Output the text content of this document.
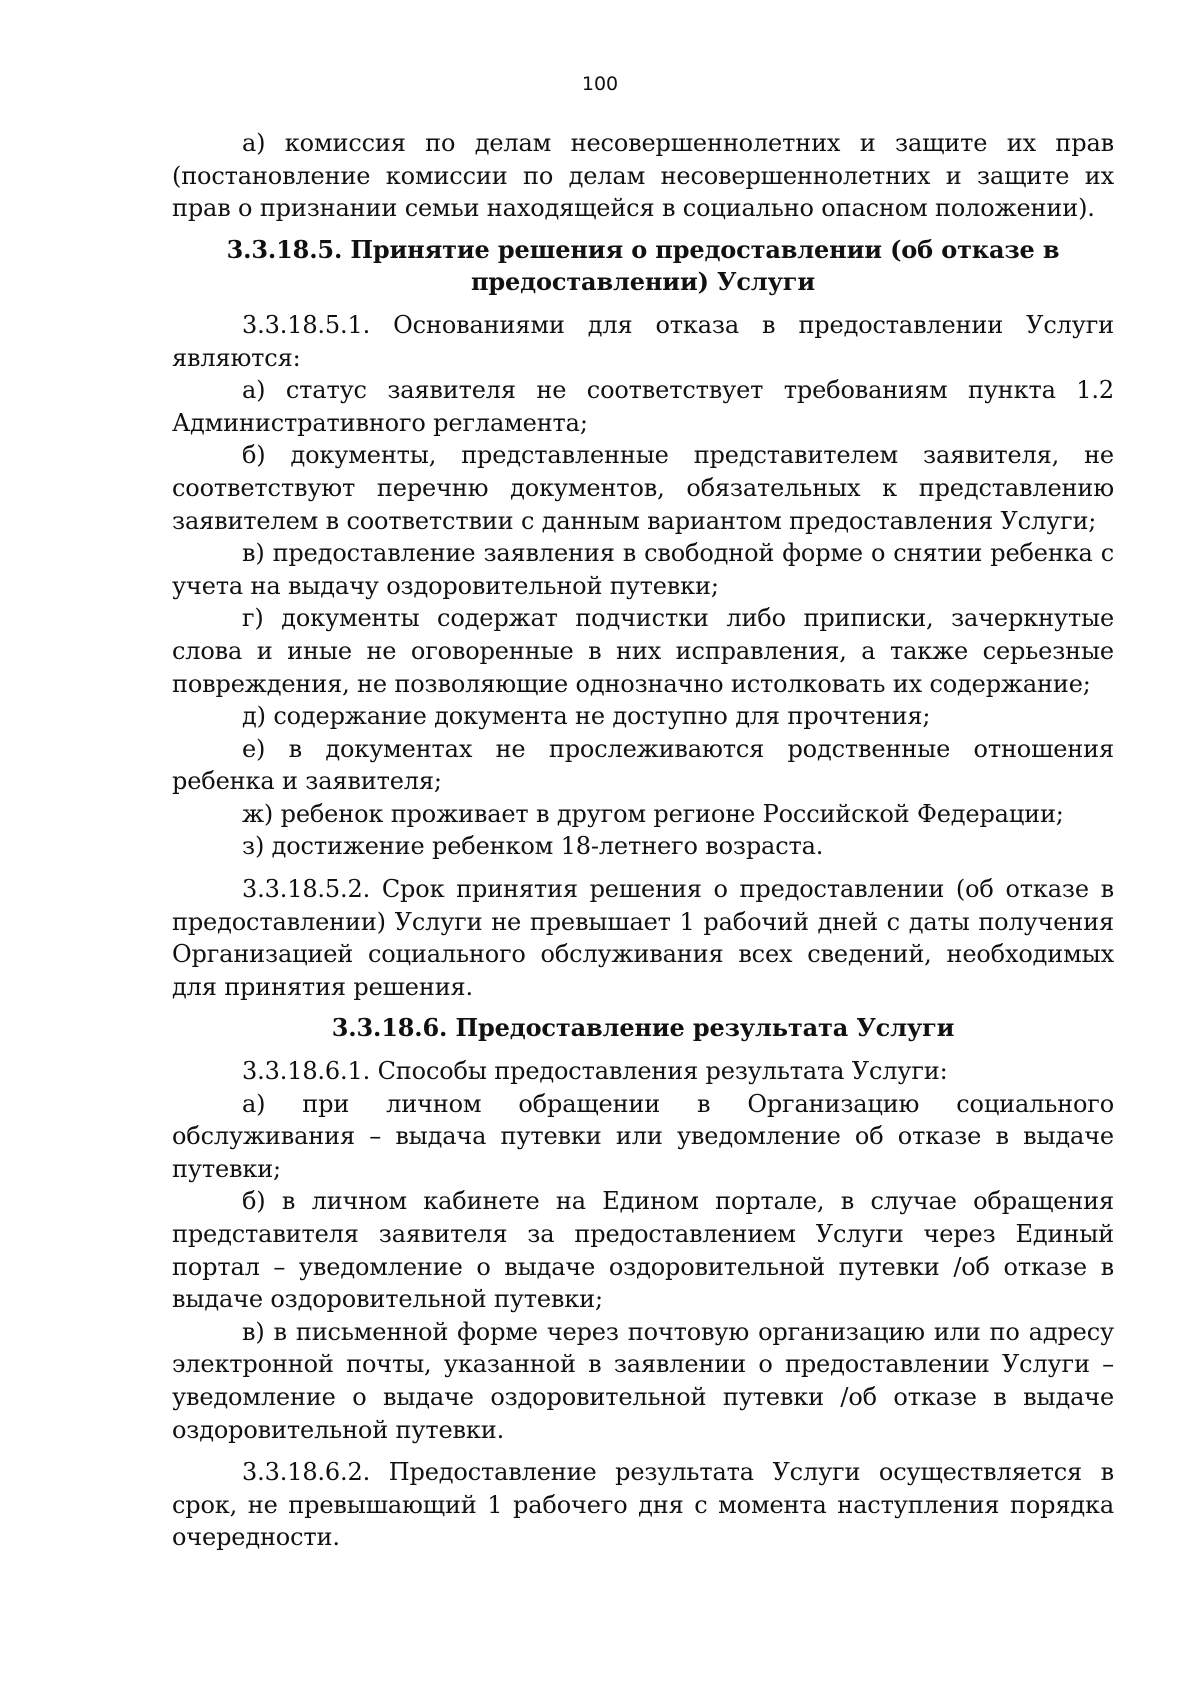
100

а) комиссия по делам несовершеннолетних и защите их прав (постановление комиссии по делам несовершеннолетних и защите их прав о признании семьи находящейся в социально опасном положении).

3.3.18.5. Принятие решения о предоставлении (об отказе в
предоставлении) Услуги

3.3.18.5.1. Основаниями для отказа в предоставлении Услуги являются:

а) статус заявителя не соответствует требованиям пункта 1.2 Административного регламента;

б) документы, представленные представителем заявителя, не соответствуют перечню документов, обязательных к представлению заявителем в соответствии с данным вариантом предоставления Услуги;

в) предоставление заявления в свободной форме о снятии ребенка с учета на выдачу оздоровительной путевки;

г) документы содержат подчистки либо приписки, зачеркнутые слова и иные не оговоренные в них исправления, а также серьезные повреждения, не позволяющие однозначно истолковать их содержание;

д) содержание документа не доступно для прочтения;

е) в документах не прослеживаются родственные отношения ребенка и заявителя;

ж) ребенок проживает в другом регионе Российской Федерации;

з) достижение ребенком 18-летнего возраста.

3.3.18.5.2. Срок принятия решения о предоставлении (об отказе в предоставлении) Услуги не превышает 1 рабочий дней с даты получения Организацией социального обслуживания всех сведений, необходимых для принятия решения.

3.3.18.6. Предоставление результата Услуги

3.3.18.6.1. Способы предоставления результата Услуги:

а) при личном обращении в Организацию социального обслуживания – выдача путевки или уведомление об отказе в выдаче путевки;

б) в личном кабинете на Едином портале, в случае обращения представителя заявителя за предоставлением Услуги через Единый портал – уведомление о выдаче оздоровительной путевки /об отказе в выдаче оздоровительной путевки;

в) в письменной форме через почтовую организацию или по адресу электронной почты, указанной в заявлении о предоставлении Услуги – уведомление о выдаче оздоровительной путевки /об отказе в выдаче оздоровительной путевки.

3.3.18.6.2. Предоставление результата Услуги осуществляется в срок, не превышающий 1 рабочего дня с момента наступления порядка очередности.
